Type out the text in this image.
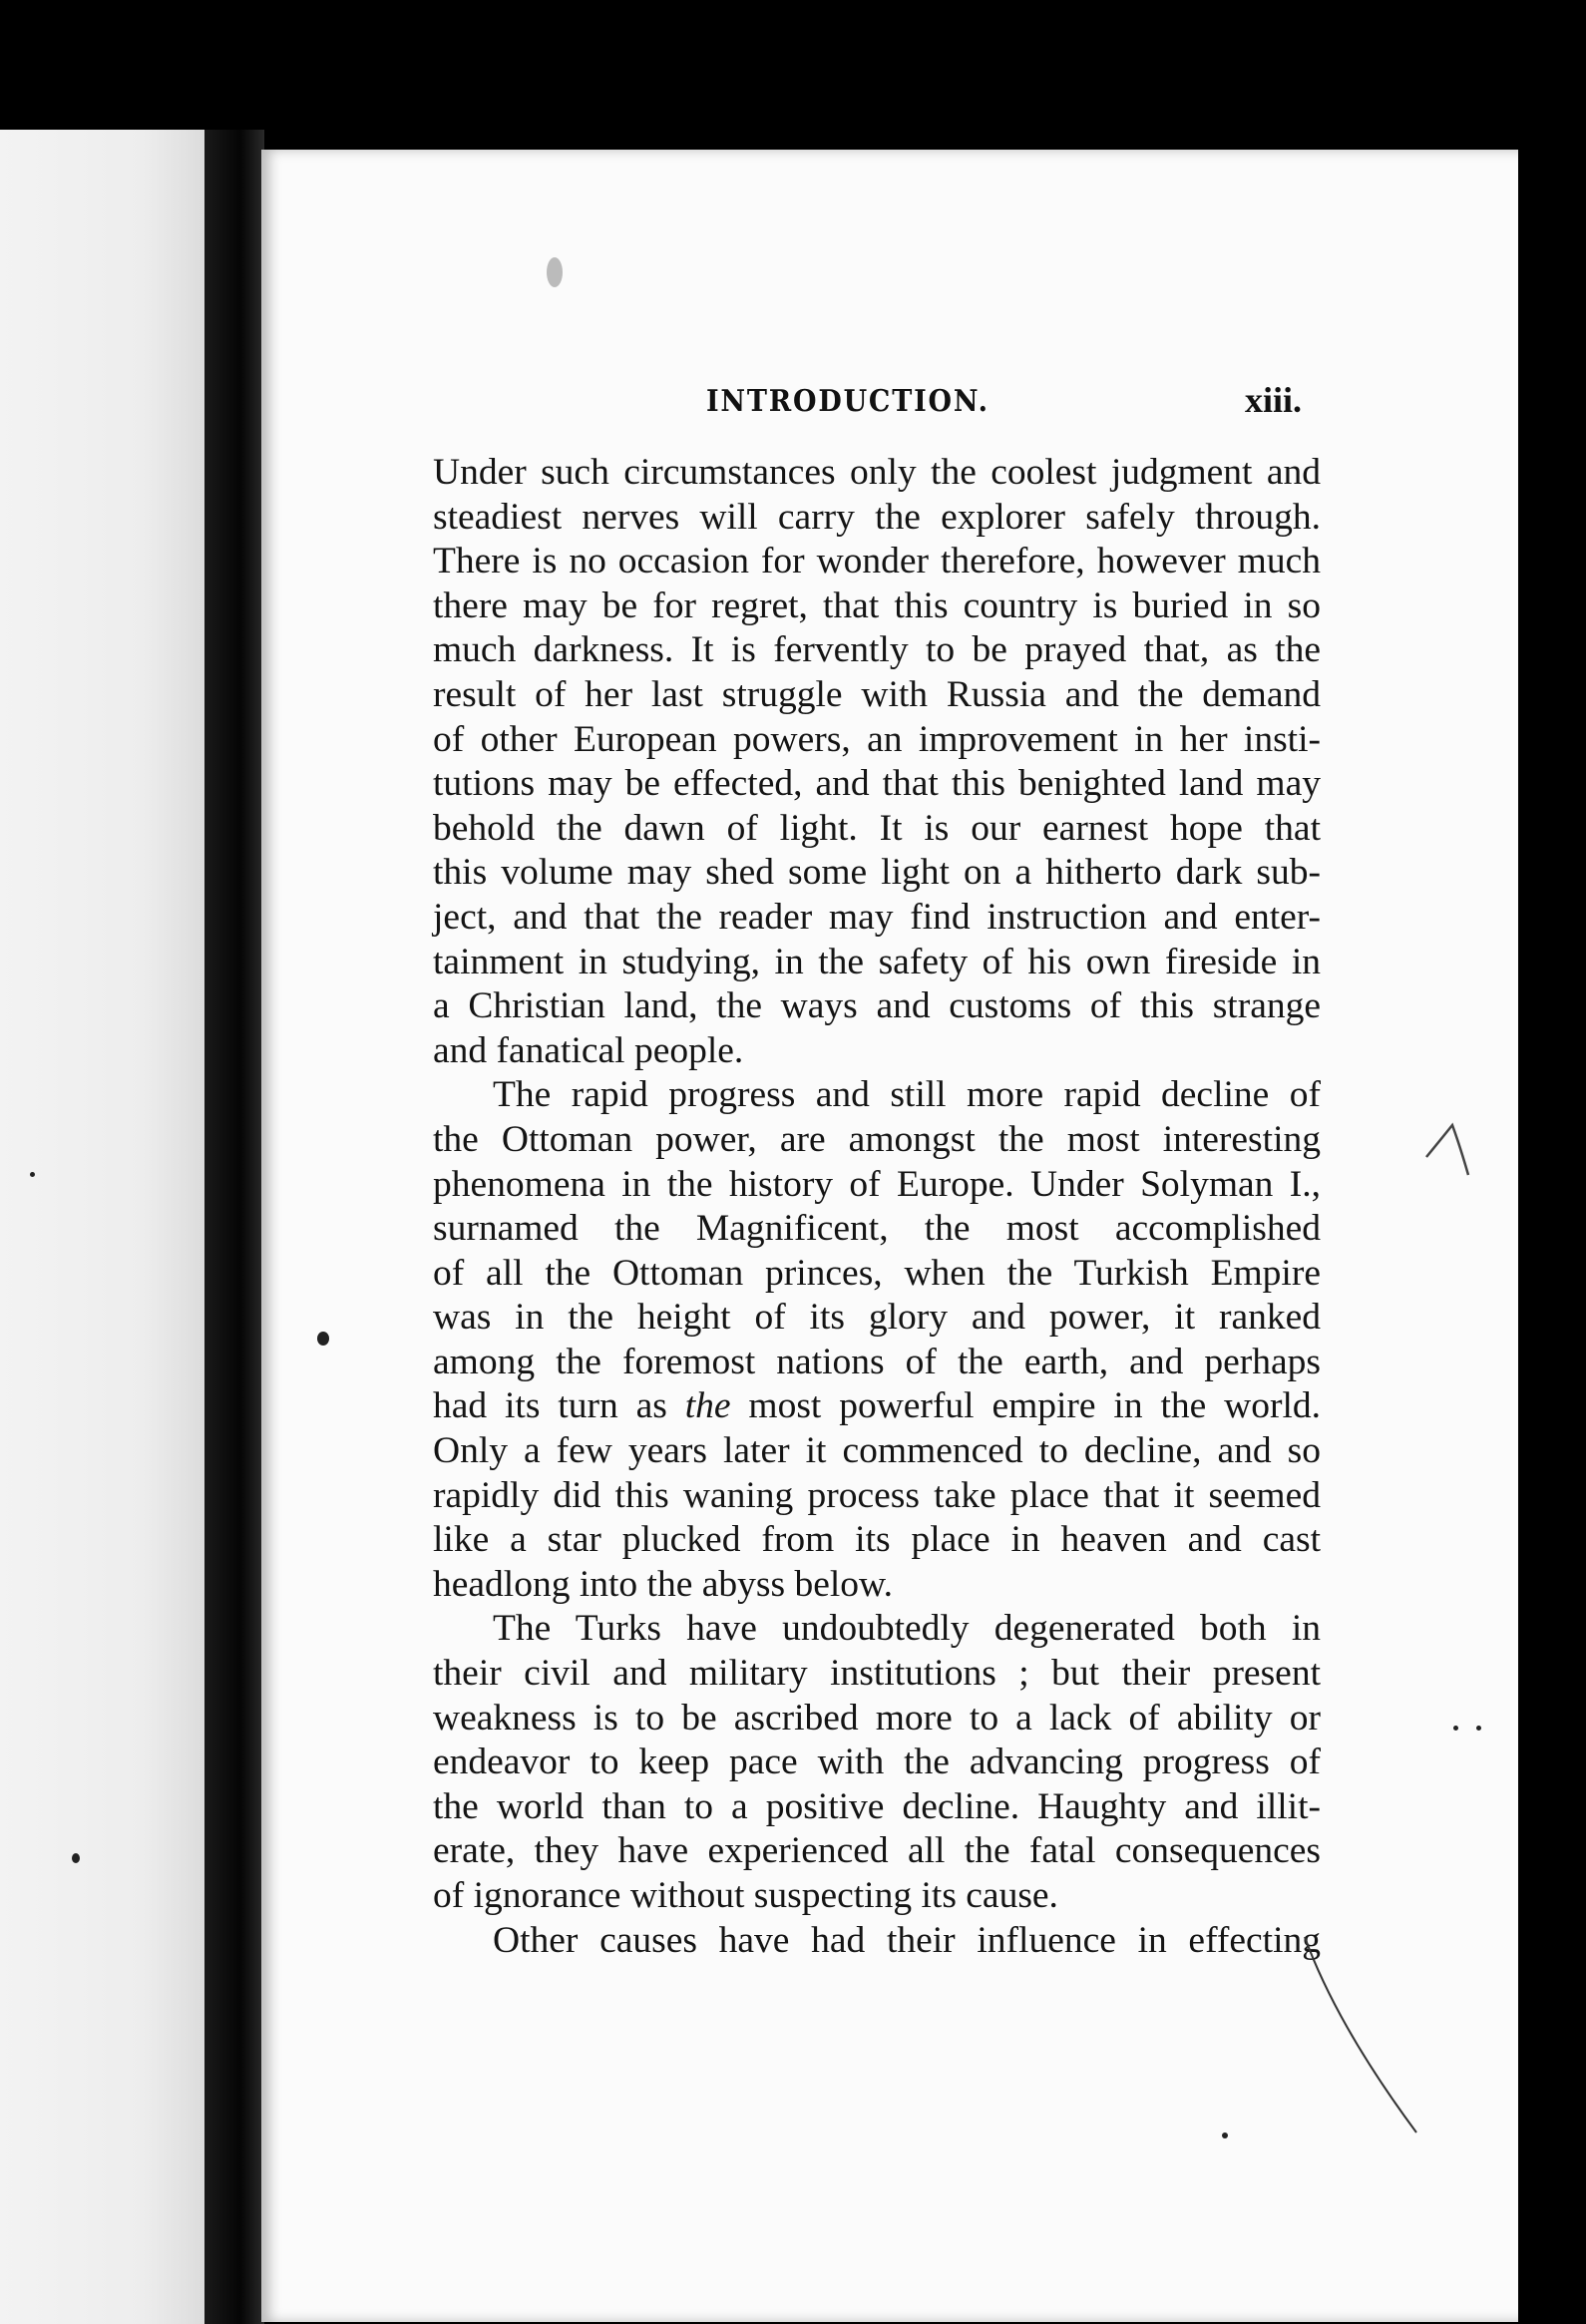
INTRODUCTION.	xiii.
Under such circumstances only the coolest judgment and
steadiest nerves will carry the explorer safely through.
There is no occasion for wonder therefore, however much
there may be for regret, that this country is buried in so
much darkness. It is fervently to be prayed that, as the
result of her last struggle with Russia and the demand
of other European powers, an improvement in her insti-
tutions may be effected, and that this benighted land may
behold the dawn of light. It is our earnest hope that
this volume may shed some light on a hitherto dark sub-
ject, and that the reader may find instruction and enter-
tainment in studying, in the safety of his own fireside in
a Christian land, the ways and customs of this strange
and fanatical people.
The rapid progress and still more rapid decline of
the Ottoman power, are amongst the most interesting
phenomena in the history of Europe. Under Solyman I.,
surnamed the Magnificent, the most accomplished
of all the Ottoman princes, when the Turkish Empire
was in the height of its glory and power, it ranked
among the foremost nations of the earth, and perhaps
had its turn as the most powerful empire in the world.
Only a few years later it commenced to decline, and so
rapidly did this waning process take place that it seemed
like a star plucked from its place in heaven and cast
headlong into the abyss below.
The Turks have undoubtedly degenerated both in
their civil and military institutions ; but their present
weakness is to be ascribed more to a lack of ability or
endeavor to keep pace with the advancing progress of
the world than to a positive decline. Haughty and illit-
erate, they have experienced all the fatal consequences
of ignorance without suspecting its cause.
Other causes have had their influence in effecting
